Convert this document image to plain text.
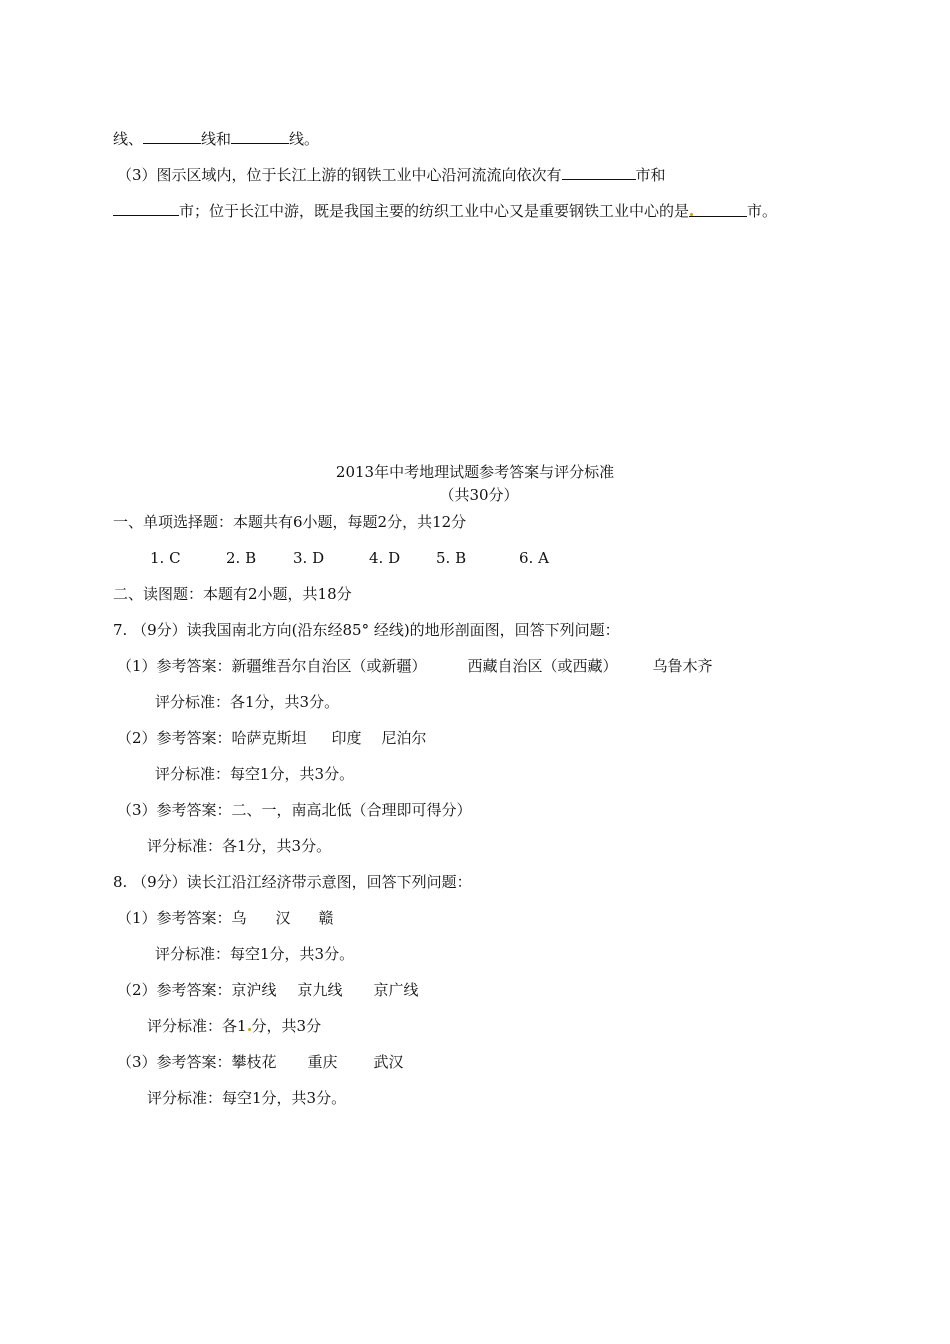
线、	线和	线。
（3）图示区域内，位于长江上游的钢铁工业中心沿河流流向依次有	市和
市；位于长江中游，既是我国主要的纺织工业中心又是重要钢铁工业中心的是	市。
2013年中考地理试题参考答案与评分标准
（共30分）
一、单项选择题：本题共有6小题，每题2分，共12分
1. C	2. B 3. D	4. D 5. B	6. A
二、读图题：本题有2小题，共18分
7. （9分）读我国南北方向(沿东经85° 经线)的地形剖面图，回答下列问题：
（1）参考答案：新疆维吾尔自治区（或新疆）	西藏自治区（或西藏） 乌鲁木齐
评分标准：各1分，共3分。
（2）参考答案：哈萨克斯坦 印度 尼泊尔
评分标准：每空1分，共3分。
（3）参考答案：二、一，南高北低（合理即可得分）
评分标准：各1分，共3分。
8. （9分）读长江沿江经济带示意图，回答下列问题：
（1）参考答案：乌 汉 赣
评分标准：每空1分，共3分。
（2）参考答案：京沪线 京九线 京广线
评分标准：各1 分，共3分
（3）参考答案：攀枝花 重庆 武汉
评分标准：每空1分，共3分。
